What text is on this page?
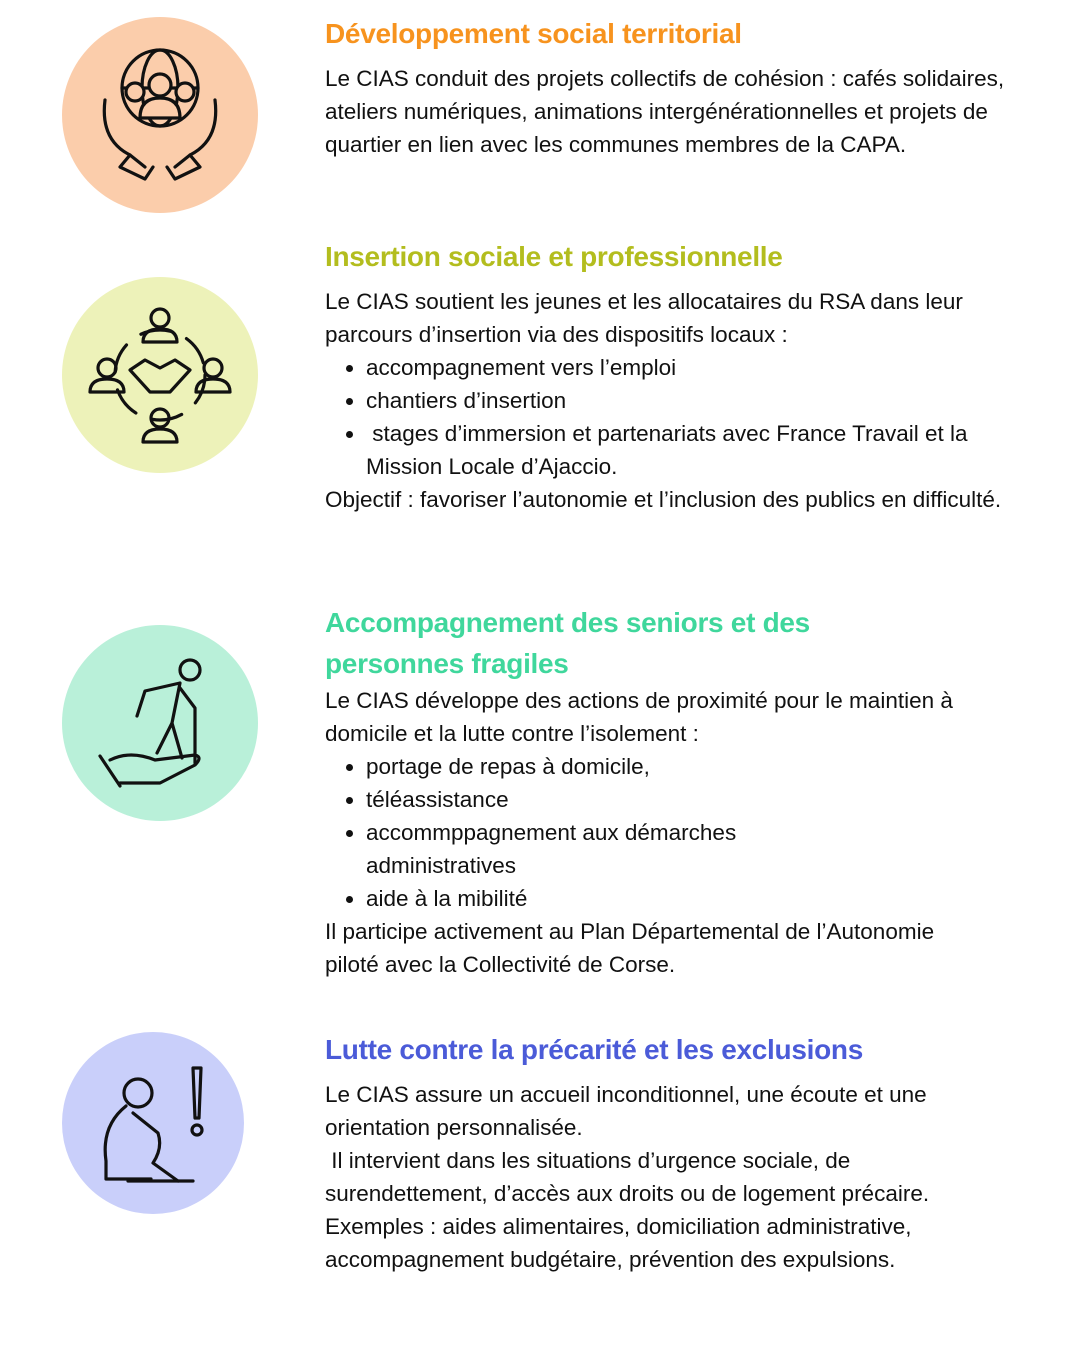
Développement social territorial

Le CIAS conduit des projets collectifs de cohésion : cafés solidaires, ateliers numériques, animations intergénérationnelles et projets de quartier en lien avec les communes membres de la CAPA.

Insertion sociale et professionnelle

Le CIAS soutient les jeunes et les allocataires du RSA dans leur parcours d’insertion via des dispositifs locaux :

• accompagnement vers l’emploi
• chantiers d’insertion
•  stages d’immersion et partenariats avec France Travail et la Mission Locale d’Ajaccio.

Objectif : favoriser l’autonomie et l’inclusion des publics en difficulté.

Accompagnement des seniors et des personnes fragiles

Le CIAS développe des actions de proximité pour le maintien à domicile et la lutte contre l’isolement :

• portage de repas à domicile,
• téléassistance
• accommppagnement aux démarches administratives
• aide à la mibilité

Il participe activement au Plan Départemental de l’Autonomie piloté avec la Collectivité de Corse.

Lutte contre la précarité et les exclusions

Le CIAS assure un accueil inconditionnel, une écoute et une orientation personnalisée.

Il intervient dans les situations d’urgence sociale, de surendettement, d’accès aux droits ou de logement précaire.

Exemples : aides alimentaires, domiciliation administrative, accompagnement budgétaire, prévention des expulsions.
